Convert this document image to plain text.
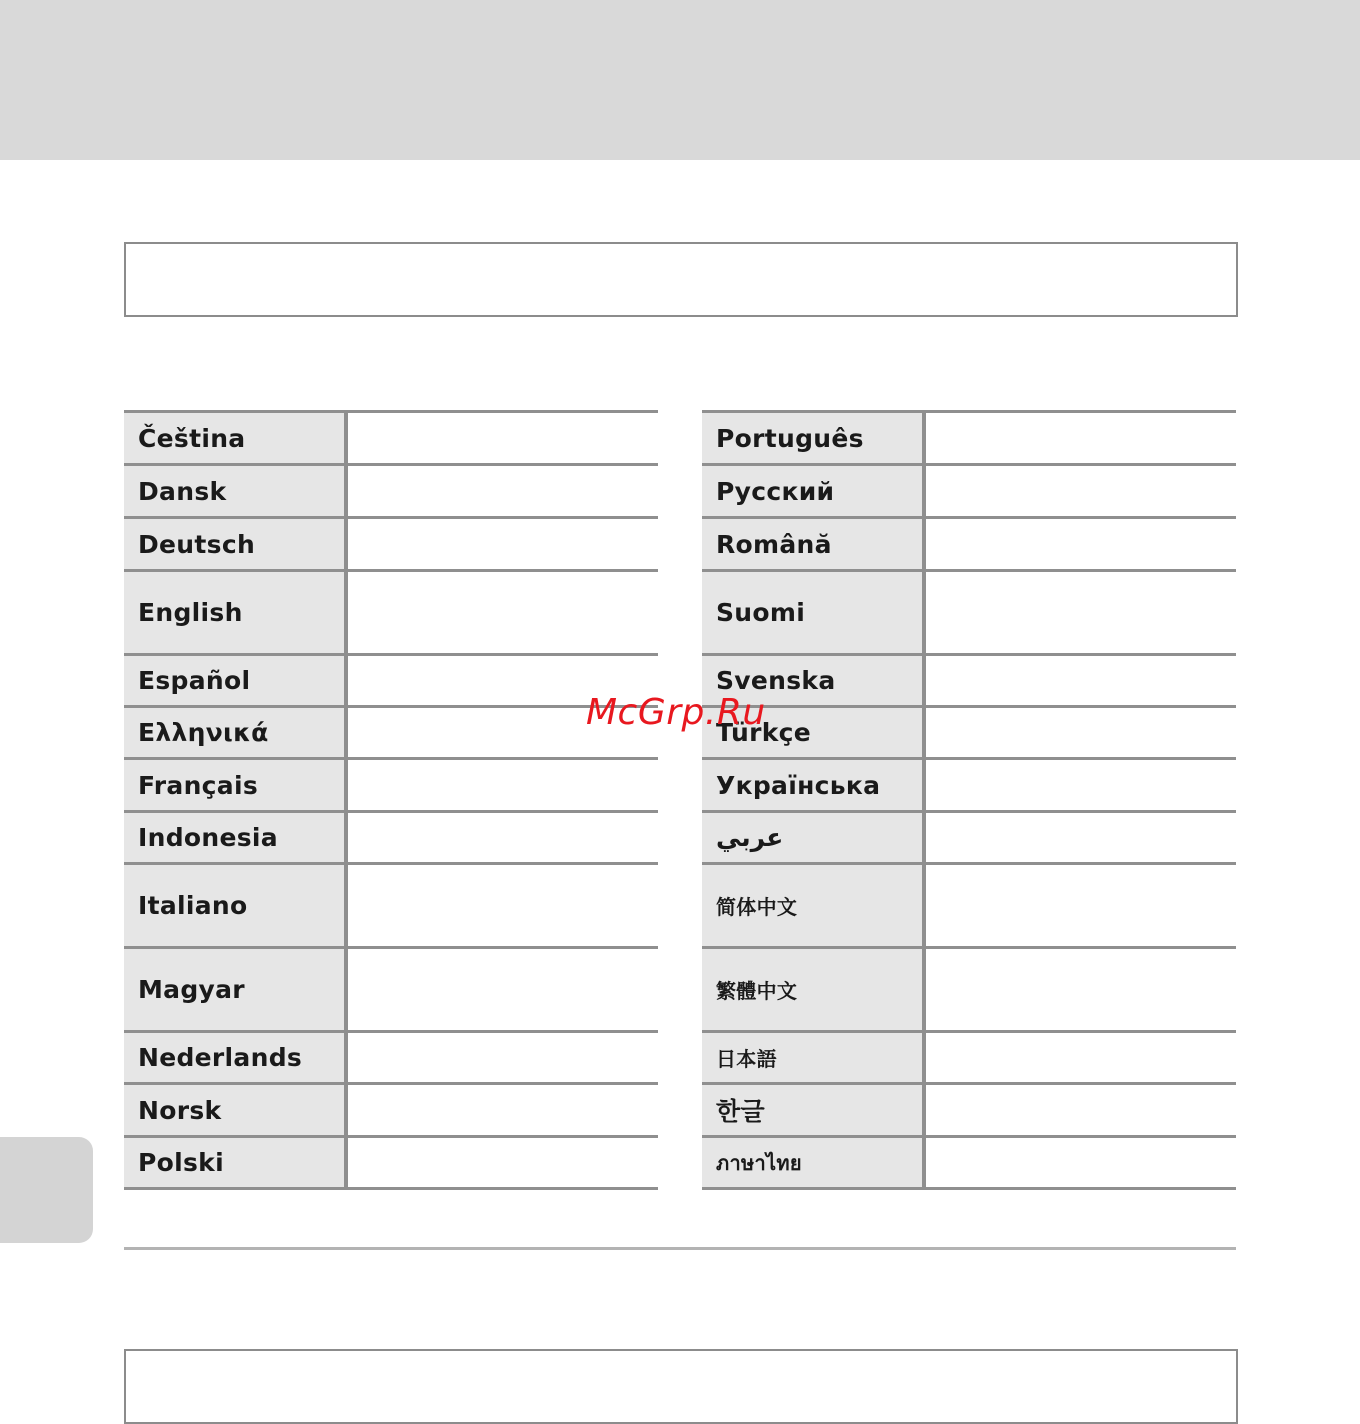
Čeština
Dansk
Deutsch
English
Español
Ελληνικά
Français
Indonesia
Italiano
Magyar
Nederlands
Norsk
Polski
Português
Русский
Română
Suomi
Svenska
Türkçe
Українська
عربي
简体中文
繁體中文
日本語
한글
ภาษาไทย
McGrp.Ru
